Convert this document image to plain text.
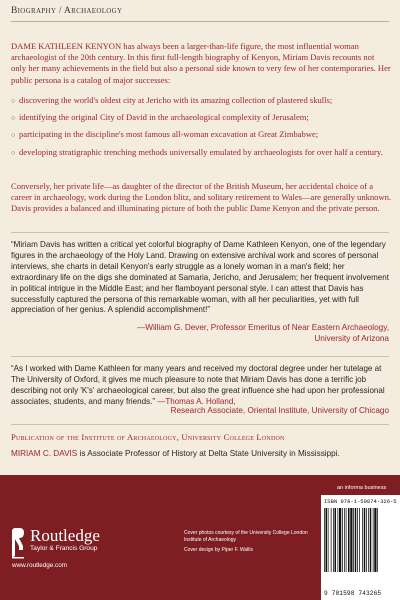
Biography / Archaeology

DAME KATHLEEN KENYON has always been a larger-than-life figure, the most influential woman archaeologist of the 20th century. In this first full-length biography of Kenyon, Miriam Davis recounts not only her many achievements in the field but also a personal side known to very few of her contemporaries. Her public persona is a catalog of major successes:

○ discovering the world's oldest city at Jericho with its amazing collection of plastered skulls;
○ identifying the original City of David in the archaeological complexity of Jerusalem;
○ participating in the discipline's most famous all-woman excavation at Great Zimbabwe;
○ developing stratigraphic trenching methods universally emulated by archaeologists for over half a century.

Conversely, her private life—as daughter of the director of the British Museum, her accidental choice of a career in archaeology, work during the London blitz, and solitary retirement to Wales—are generally unknown. Davis provides a balanced and illuminating picture of both the public Dame Kenyon and the private person.

“Miriam Davis has written a critical yet colorful biography of Dame Kathleen Kenyon, one of the legendary figures in the archaeology of the Holy Land. Drawing on extensive archival work and scores of personal interviews, she charts in detail Kenyon's early struggle as a lonely woman in a man's field; her extraordinary life on the digs she dominated at Samaria, Jericho, and Jerusalem; her frequent involvement in political intrigue in the Middle East; and her flamboyant personal style. I can attest that Davis has successfully captured the persona of this remarkable woman, with all her peculiarities, yet with full appreciation of her genius. A splendid accomplishment!”

—William G. Dever, Professor Emeritus of Near Eastern Archaeology,
University of Arizona

“As I worked with Dame Kathleen for many years and received my doctoral degree under her tutelage at The University of Oxford, it gives me much pleasure to note that Miriam Davis has done a terrific job describing not only 'K's' archaeological career, but also the great influence she had upon her professional associates, students, and many friends.” —Thomas A. Holland,

Research Associate, Oriental Institute, University of Chicago
Publication of the Institute of Archaeology, University College London

MIRIAM C. DAVIS is Associate Professor of History at Delta State University in Mississippi.

Routledge
Taylor & Francis Group
www.routledge.com
Cover photos courtesy of the University College London Institute of Archaeology
Cover design by Piper F. Wallis
an informa business
ISBN 978-1-59874-326-5
9 781598 743265
